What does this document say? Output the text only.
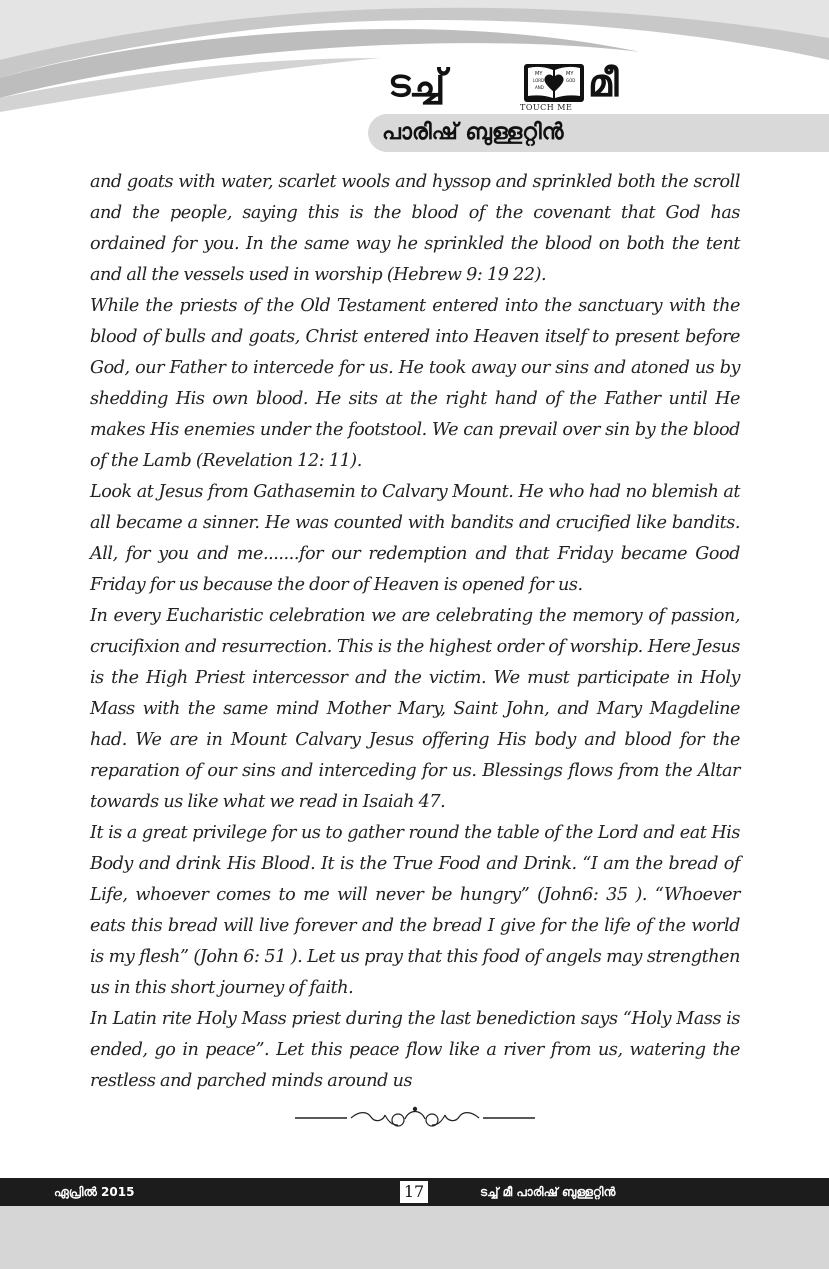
ടച്ച്	MY
LORD
MY
GOD
AND മീ
TOUCH ME
പാരിഷ് ബുള്ളറ്റിൻ

and goats with water, scarlet wools and hyssop and sprinkled both the scroll and the people, saying this is the blood of the covenant that God has ordained for you. In the same way he sprinkled the blood on both the tent and all the vessels used in worship (Hebrew 9: 19 22).

While the priests of the Old Testament entered into the sanctuary with the blood of bulls and goats, Christ entered into Heaven itself to present before God, our Father to intercede for us. He took away our sins and atoned us by shedding His own blood. He sits at the right hand of the Father until He makes His enemies under the footstool. We can prevail over sin by the blood of the Lamb (Revelation 12: 11).

Look at Jesus from Gathasemin to Calvary Mount. He who had no blemish at all became a sinner. He was counted with bandits and crucified like bandits. All, for you and me.......for our redemption and that Friday became Good Friday for us because the door of Heaven is opened for us.

In every Eucharistic celebration we are celebrating the memory of passion, crucifixion and resurrection. This is the highest order of worship. Here Jesus is the High Priest intercessor and the victim. We must participate in Holy Mass with the same mind Mother Mary, Saint John, and Mary Magdeline had. We are in Mount Calvary Jesus offering His body and blood for the reparation of our sins and interceding for us. Blessings flows from the Altar towards us like what we read in Isaiah 47.

It is a great privilege for us to gather round the table of the Lord and eat His Body and drink His Blood. It is the True Food and Drink. “I am the bread of Life, whoever comes to me will never be hungry” (John6: 35 ). “Whoever eats this bread will live forever and the bread I give for the life of the world is my flesh” (John 6: 51 ). Let us pray that this food of angels may strengthen us in this short journey of faith.

In Latin rite Holy Mass priest during the last benediction says “Holy Mass is ended, go in peace”. Let this peace flow like a river from us, watering the restless and parched minds around us

ഏപ്രിൽ 2015	17	ടച്ച് മീ പാരിഷ് ബുള്ളറ്റിൻ
